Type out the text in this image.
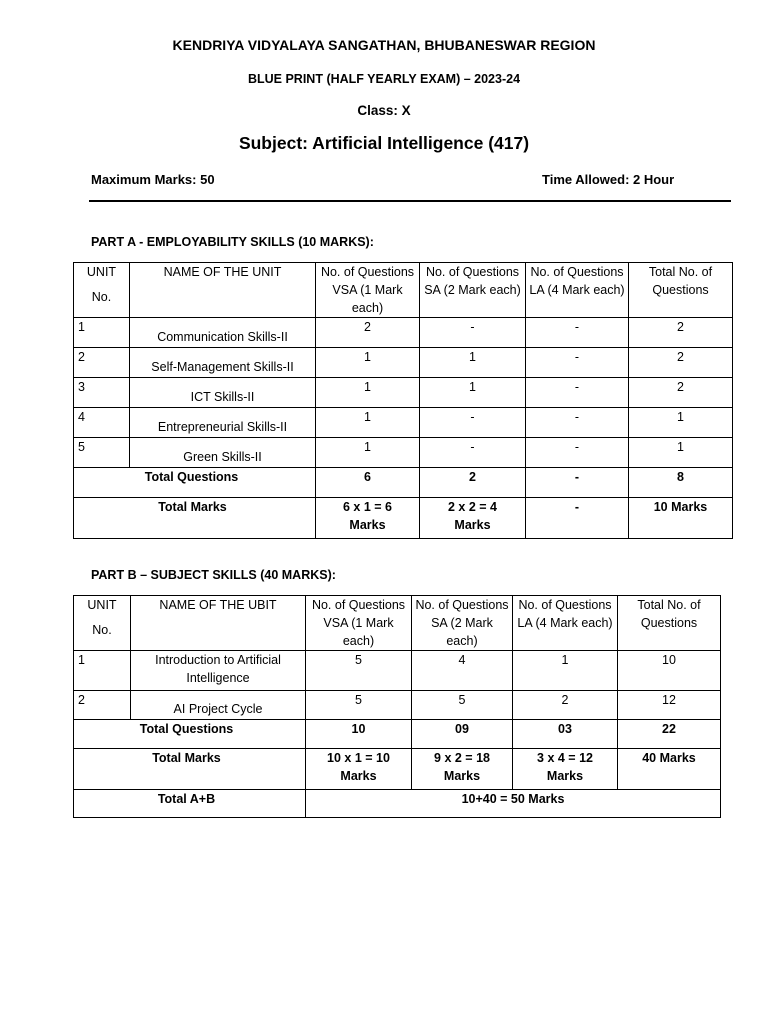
KENDRIYA VIDYALAYA SANGATHAN, BHUBANESWAR REGION
BLUE PRINT (HALF YEARLY EXAM) – 2023-24
Class: X
Subject: Artificial Intelligence (417)
Maximum Marks: 50	Time Allowed: 2 Hour
PART A - EMPLOYABILITY SKILLS (10 MARKS):
UNIT
No.	NAME OF THE UNIT	No. of Questions VSA (1 Mark each)	No. of Questions SA (2 Mark each)	No. of Questions LA (4 Mark each)	Total No. of Questions
1	Communication Skills-II	2	-	-	2
2	Self-Management Skills-II	1	1	-	2
3	ICT Skills-II	1	1	-	2
4	Entrepreneurial Skills-II	1	-	-	1
5	Green Skills-II	1	-	-	1
Total Questions		6	2	-	8
Total Marks		6 x 1 = 6 Marks	2 x 2 = 4 Marks	-	10 Marks
PART B – SUBJECT SKILLS (40 MARKS):
UNIT
No.	NAME OF THE UBIT	No. of Questions VSA (1 Mark each)	No. of Questions SA (2 Mark each)	No. of Questions LA (4 Mark each)	Total No. of Questions
1	Introduction to Artificial Intelligence	5	4	1	10
2	AI Project Cycle	5	5	2	12
Total Questions		10	09	03	22
Total Marks		10 x 1 = 10 Marks	9 x 2 = 18 Marks	3 x 4 = 12 Marks	40 Marks
Total A+B		10+40 = 50 Marks			
